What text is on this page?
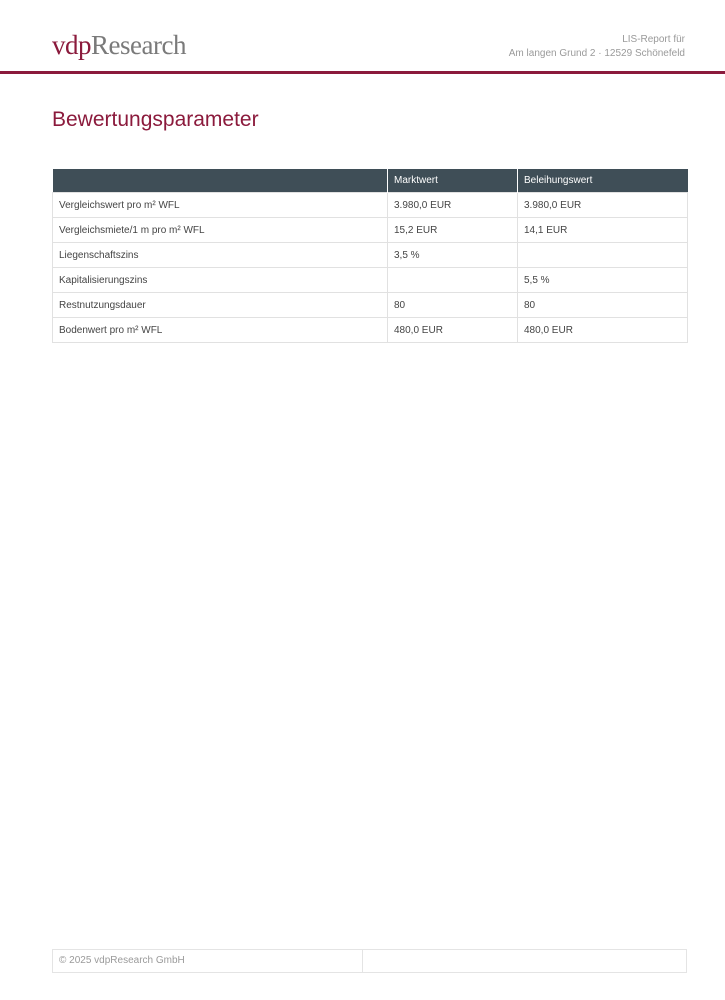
vdpResearch	LIS-Report für
Am langen Grund 2 · 12529 Schönefeld
Bewertungsparameter
	Marktwert	Beleihungswert
Vergleichswert pro m² WFL	3.980,0 EUR	3.980,0 EUR
Vergleichsmiete/1 m pro m² WFL	15,2 EUR	14,1 EUR
Liegenschaftszins	3,5 %	
Kapitalisierungszins		5,5 %
Restnutzungsdauer	80	80
Bodenwert pro m² WFL	480,0 EUR	480,0 EUR
© 2025 vdpResearch GmbH
